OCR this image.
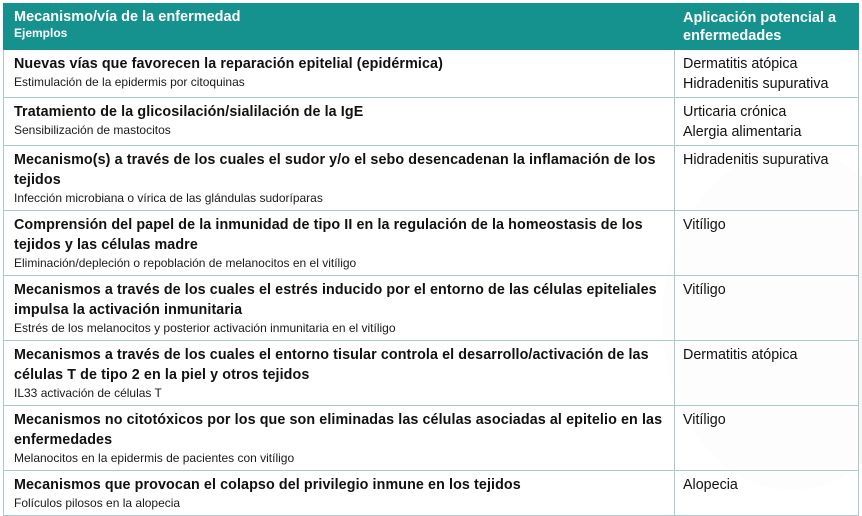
Mecanismo/vía de la enfermedad
Ejemplos	Aplicación potencial a enfermedades

Nuevas vías que favorecen la reparación epitelial (epidérmica)
Estimulación de la epidermis por citoquinas	Dermatitis atópica
Hidradenitis supurativa

Tratamiento de la glicosilación/sialilación de la IgE
Sensibilización de mastocitos	Urticaria crónica
Alergia alimentaria

Mecanismo(s) a través de los cuales el sudor y/o el sebo desencadenan la inflamación de los tejidos
Infección microbiana o vírica de las glándulas sudoríparas	Hidradenitis supurativa

Comprensión del papel de la inmunidad de tipo II en la regulación de la homeostasis de los tejidos y las células madre
Eliminación/depleción o repoblación de melanocitos en el vitíligo	Vitíligo

Mecanismos a través de los cuales el estrés inducido por el entorno de las células epiteliales impulsa la activación inmunitaria
Estrés de los melanocitos y posterior activación inmunitaria en el vitíligo	Vitíligo

Mecanismos a través de los cuales el entorno tisular controla el desarrollo/activación de las células T de tipo 2 en la piel y otros tejidos
IL33 activación de células T	Dermatitis atópica

Mecanismos no citotóxicos por los que son eliminadas las células asociadas al epitelio en las enfermedades
Melanocitos en la epidermis de pacientes con vitíligo	Vitíligo

Mecanismos que provocan el colapso del privilegio inmune en los tejidos
Folículos pilosos en la alopecia	Alopecia
